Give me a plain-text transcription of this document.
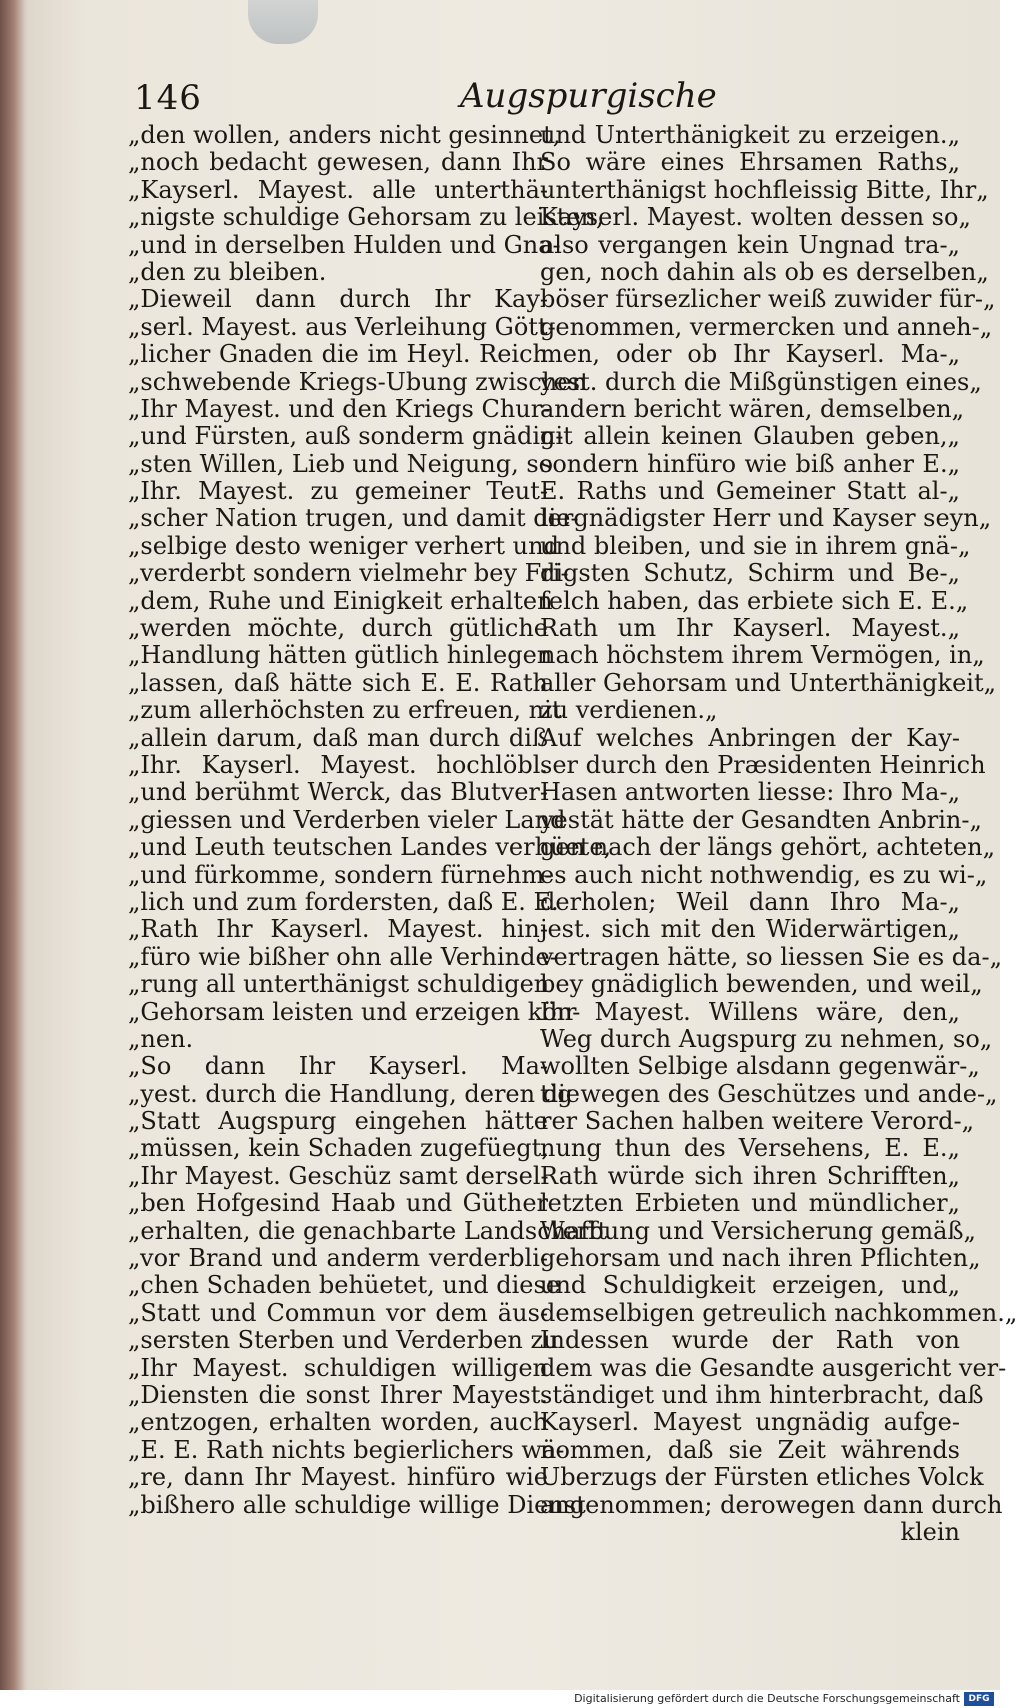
146	Augspurgische
„den wollen, anders nicht gesinnet,
„noch bedacht gewesen, dann Ihr
„Kayserl. Mayest. alle unterthä-
„nigste schuldige Gehorsam zu leisten,
„und in derselben Hulden und Gna-
„den zu bleiben.
„Dieweil dann durch Ihr Kay-
„serl. Mayest. aus Verleihung Gött-
„licher Gnaden die im Heyl. Reich
„schwebende Kriegs-Ubung zwischen
„Ihr Mayest. und den Kriegs Chur-
„und Fürsten, auß sonderm gnädig-
„sten Willen, Lieb und Neigung, so
„Ihr. Mayest. zu gemeiner Teut-
„scher Nation trugen, und damit die-
„selbige desto weniger verhert und
„verderbt sondern vielmehr bey Fri-
„dem, Ruhe und Einigkeit erhalten
„werden möchte, durch gütliche
„Handlung hätten gütlich hinlegen
„lassen, daß hätte sich E. E. Rath
„zum allerhöchsten zu erfreuen, nit
„allein darum, daß man durch diß
„Ihr. Kayserl. Mayest. hochlöbl.
„und berühmt Werck, das Blutver-
„giessen und Verderben vieler Land
„und Leuth teutschen Landes verhüete,
„und fürkomme, sondern fürnehm-
„lich und zum fordersten, daß E. E.
„Rath Ihr Kayserl. Mayest. hin-
„füro wie bißher ohn alle Verhinde-
„rung all unterthänigst schuldigen
„Gehorsam leisten und erzeigen kön-
„nen.
„So dann Ihr Kayserl. Ma-
„yest. durch die Handlung, deren die
„Statt Augspurg eingehen hätte
„müssen, kein Schaden zugefüegt,
„Ihr Mayest. Geschüz samt dersel-
„ben Hofgesind Haab und Güther
„erhalten, die genachbarte Landschafft
„vor Brand und anderm verderbli-
„chen Schaden behüetet, und diese
„Statt und Commun vor dem äus-
„sersten Sterben und Verderben zu
„Ihr Mayest. schuldigen willigen
„Diensten die sonst Ihrer Mayest.
„entzogen, erhalten worden, auch
„E. E. Rath nichts begierlichers wä-
„re, dann Ihr Mayest. hinfüro wie
„bißhero alle schuldige willige Dienst
und Unterthänigkeit zu erzeigen.„
So wäre eines Ehrsamen Raths„
unterthänigst hochfleissig Bitte, Ihr„
Kayserl. Mayest. wolten dessen so„
also vergangen kein Ungnad tra-„
gen, noch dahin als ob es derselben„
böser fürsezlicher weiß zuwider für-„
genommen, vermercken und anneh-„
men, oder ob Ihr Kayserl. Ma-„
yest. durch die Mißgünstigen eines„
andern bericht wären, demselben„
nit allein keinen Glauben geben,„
sondern hinfüro wie biß anher E.„
E. Raths und Gemeiner Statt al-„
lergnädigster Herr und Kayser seyn„
und bleiben, und sie in ihrem gnä-„
digsten Schutz, Schirm und Be-„
felch haben, das erbiete sich E. E.„
Rath um Ihr Kayserl. Mayest.„
nach höchstem ihrem Vermögen, in„
aller Gehorsam und Unterthänigkeit„
zu verdienen.„
Auf welches Anbringen der Kay-
ser durch den Præsidenten Heinrich
Hasen antworten liesse: Ihro Ma-„
yestät hätte der Gesandten Anbrin-„
gen nach der längs gehört, achteten„
es auch nicht nothwendig, es zu wi-„
derholen; Weil dann Ihro Ma-„
jest. sich mit den Widerwärtigen„
vertragen hätte, so liessen Sie es da-„
bey gnädiglich bewenden, und weil„
Ihr Mayest. Willens wäre, den„
Weg durch Augspurg zu nehmen, so„
wollten Selbige alsdann gegenwär-„
tig wegen des Geschützes und ande-„
rer Sachen halben weitere Verord-„
nung thun des Versehens, E. E.„
Rath würde sich ihren Schrifften„
letzten Erbieten und mündlicher„
Werbung und Versicherung gemäß„
gehorsam und nach ihren Pflichten„
und Schuldigkeit erzeigen, und„
demselbigen getreulich nachkommen.„
Indessen wurde der Rath von
dem was die Gesandte ausgericht ver-
ständiget und ihm hinterbracht, daß
Kayserl. Mayest ungnädig aufge-
nommen, daß sie Zeit währends
Uberzugs der Fürsten etliches Volck
angenommen; derowegen dann durch
klein
Digitalisierung gefördert durch die Deutsche Forschungsgemeinschaft DFG
